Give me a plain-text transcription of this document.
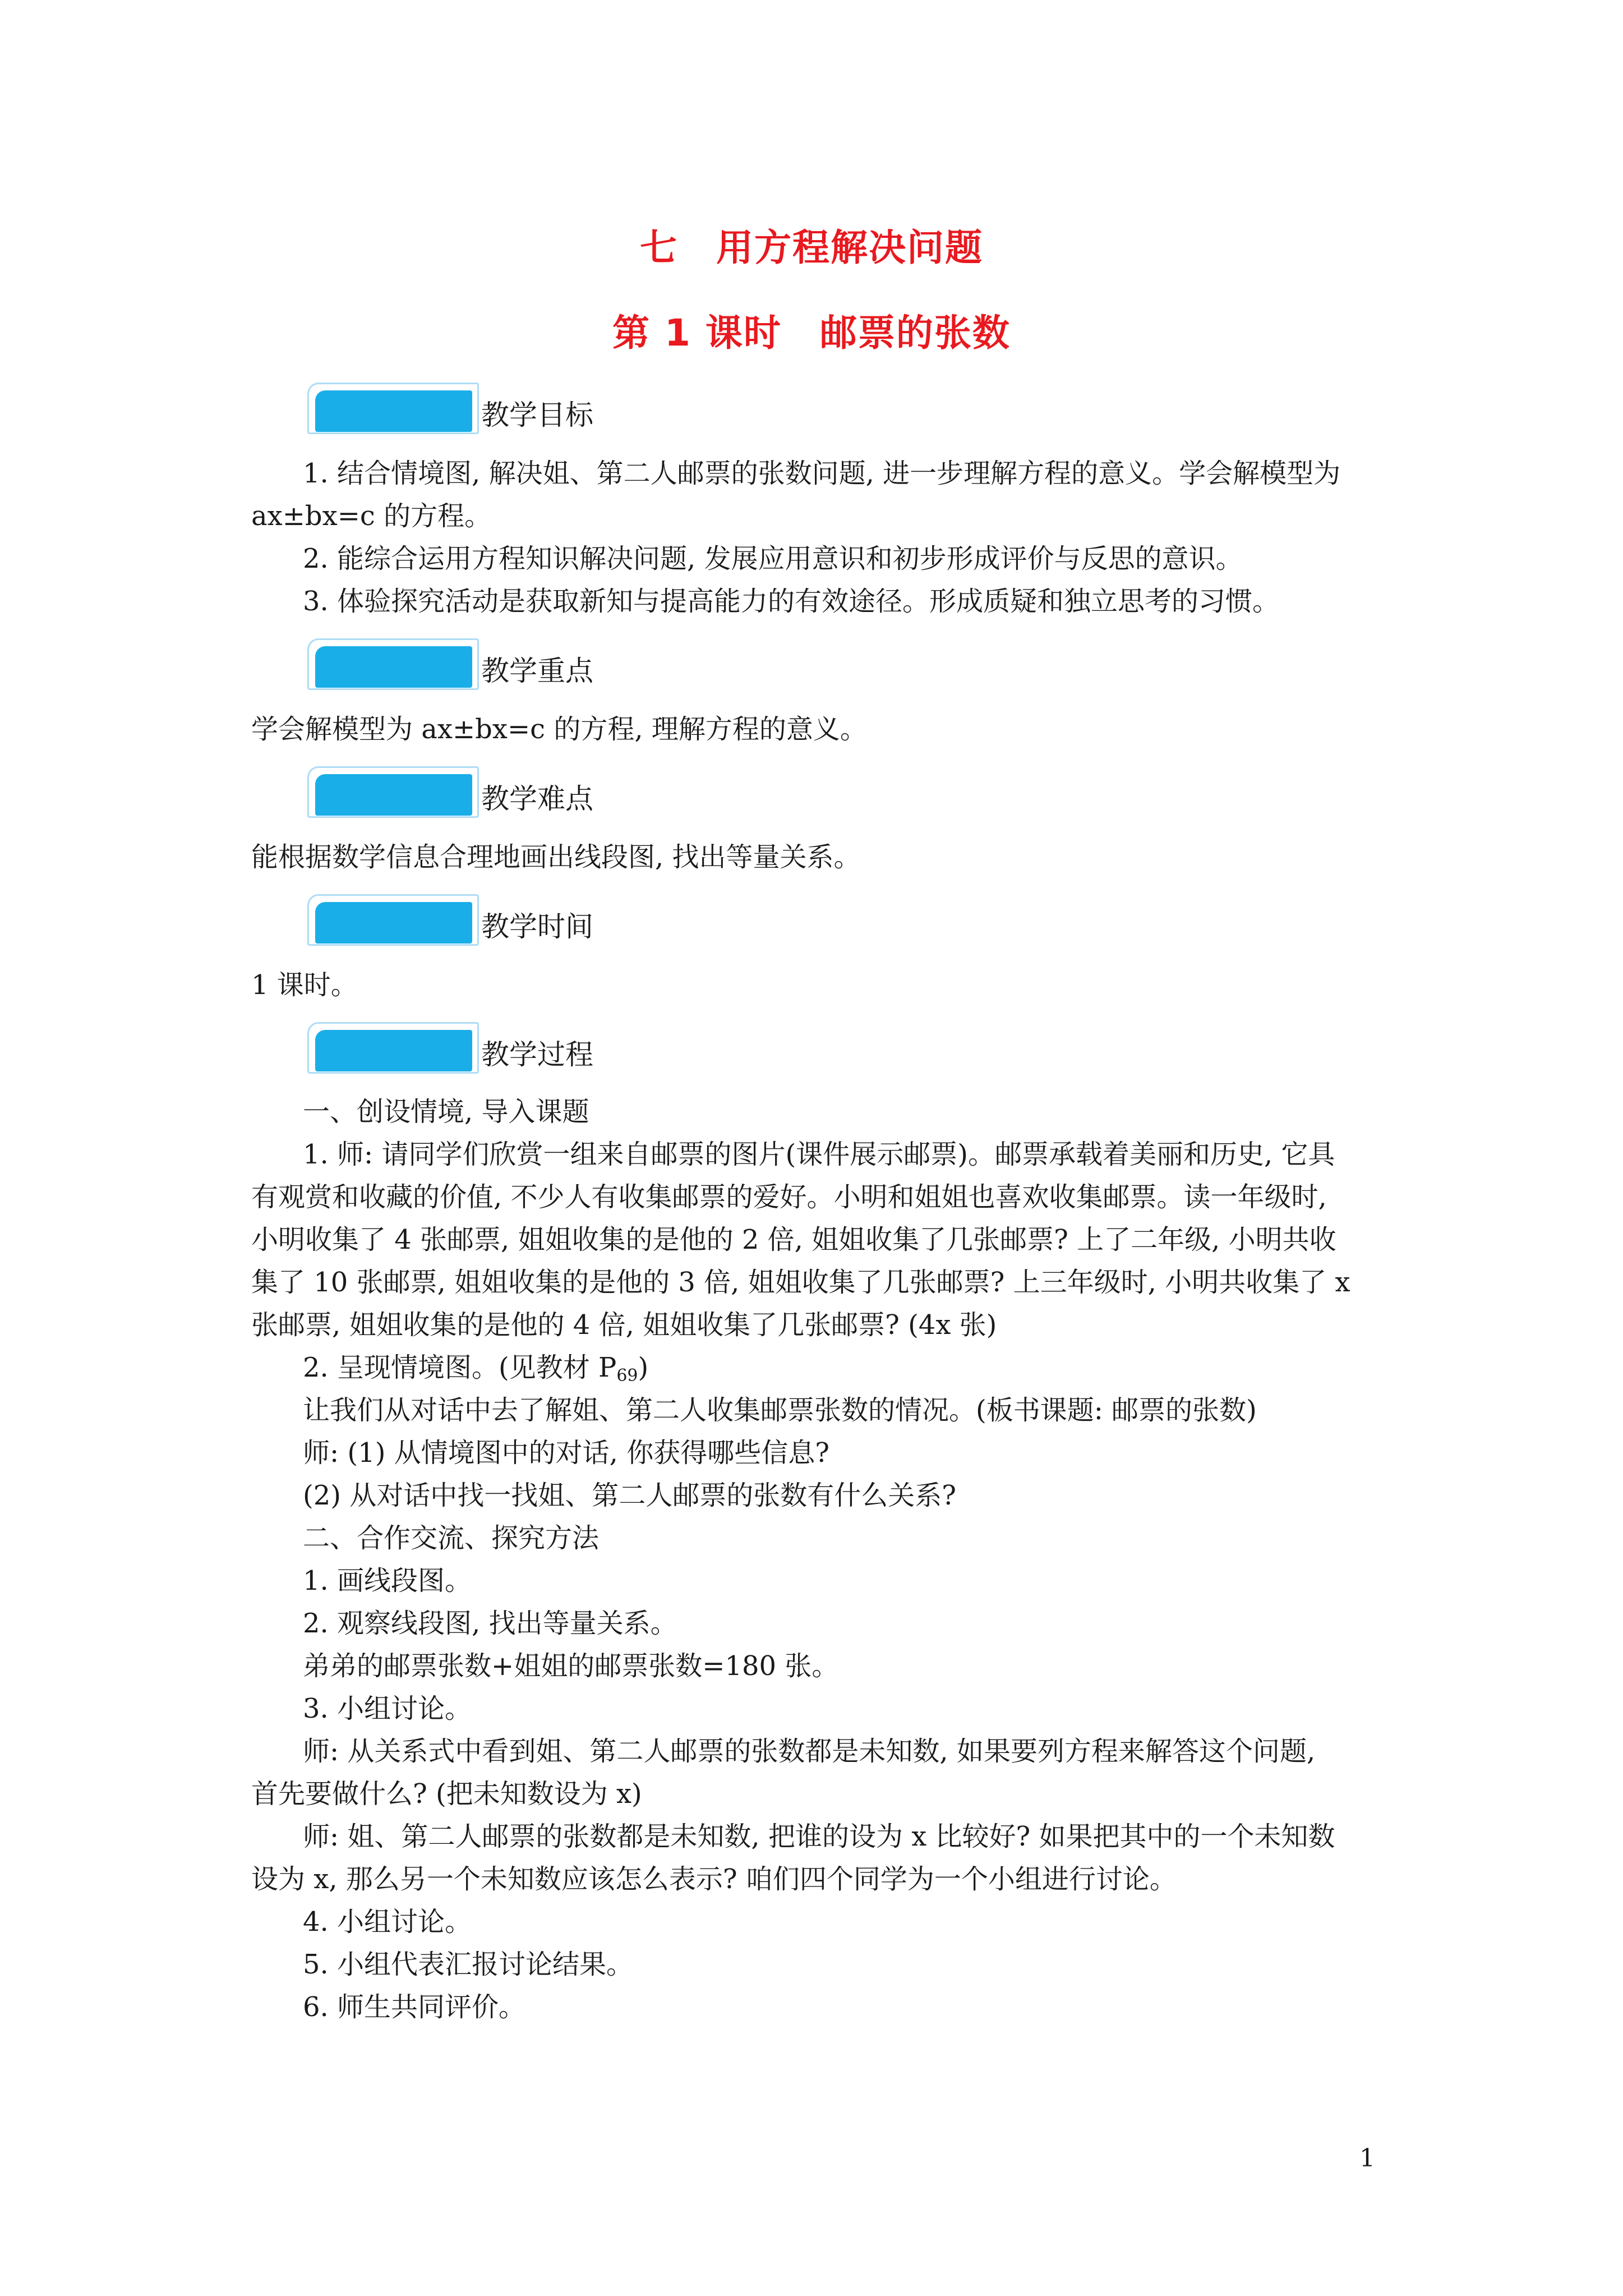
七　用方程解决问题
第 1 课时　邮票的张数
教学目标
1. 结合情境图, 解决姐、第二人邮票的张数问题, 进一步理解方程的意义。学会解模型为
ax±bx=c 的方程。
2. 能综合运用方程知识解决问题, 发展应用意识和初步形成评价与反思的意识。
3. 体验探究活动是获取新知与提高能力的有效途径。形成质疑和独立思考的习惯。
教学重点
学会解模型为 ax±bx=c 的方程, 理解方程的意义。
教学难点
能根据数学信息合理地画出线段图, 找出等量关系。
教学时间
1 课时。
教学过程
一、创设情境, 导入课题
1. 师: 请同学们欣赏一组来自邮票的图片(课件展示邮票)。邮票承载着美丽和历史, 它具
有观赏和收藏的价值, 不少人有收集邮票的爱好。小明和姐姐也喜欢收集邮票。读一年级时,
小明收集了 4 张邮票, 姐姐收集的是他的 2 倍, 姐姐收集了几张邮票? 上了二年级, 小明共收
集了 10 张邮票, 姐姐收集的是他的 3 倍, 姐姐收集了几张邮票? 上三年级时, 小明共收集了 x
张邮票, 姐姐收集的是他的 4 倍, 姐姐收集了几张邮票? (4x 张)
2. 呈现情境图。(见教材 $P_{69}$)
让我们从对话中去了解姐、第二人收集邮票张数的情况。(板书课题: 邮票的张数)
师: (1) 从情境图中的对话, 你获得哪些信息?
(2) 从对话中找一找姐、第二人邮票的张数有什么关系?
二、合作交流、探究方法
1. 画线段图。
2. 观察线段图, 找出等量关系。
弟弟的邮票张数+姐姐的邮票张数=180 张。
3. 小组讨论。
师: 从关系式中看到姐、第二人邮票的张数都是未知数, 如果要列方程来解答这个问题,
首先要做什么? (把未知数设为 x)
师: 姐、第二人邮票的张数都是未知数, 把谁的设为 x 比较好? 如果把其中的一个未知数
设为 x, 那么另一个未知数应该怎么表示? 咱们四个同学为一个小组进行讨论。
4. 小组讨论。
5. 小组代表汇报讨论结果。
6. 师生共同评价。
1
